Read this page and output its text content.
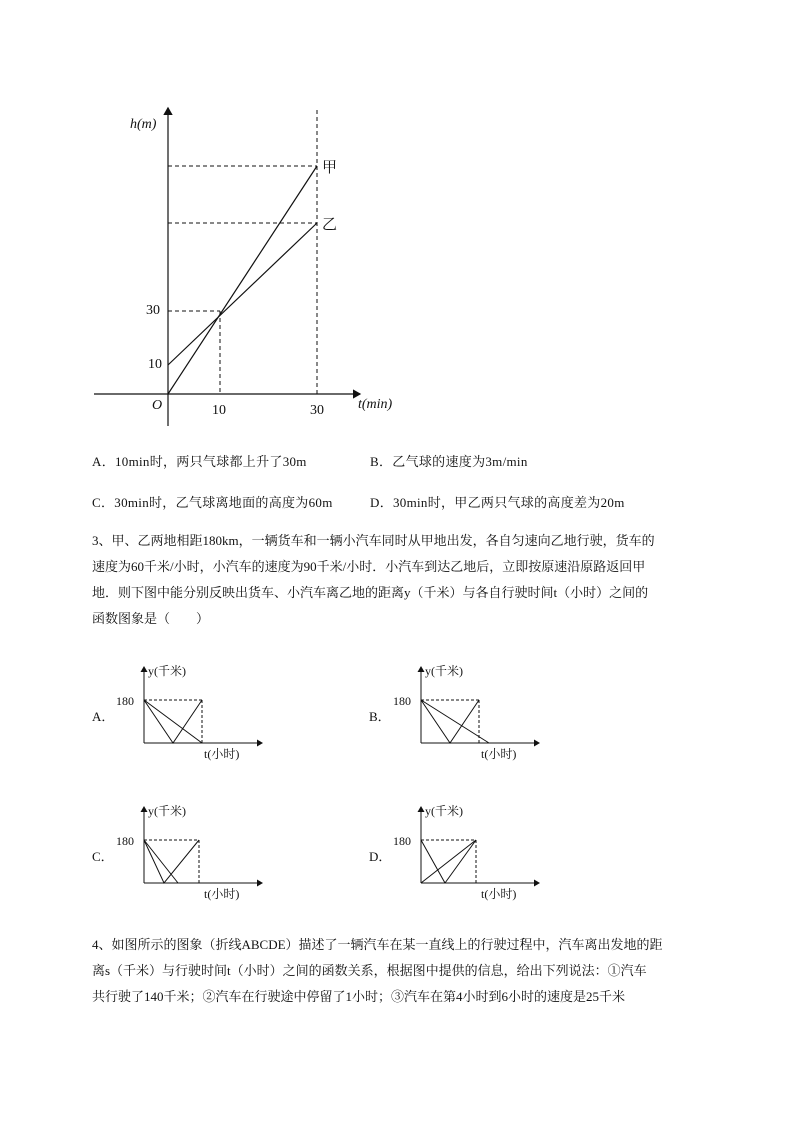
h(m)
t(min)
O
10
30
10	30
甲
乙
A．10min时，两只气球都上升了30m	B．乙气球的速度为3m/min
C．30min时，乙气球离地面的高度为60m	D．30min时，甲乙两只气球的高度差为20m

3、甲、乙两地相距180km，一辆货车和一辆小汽车同时从甲地出发，各自匀速向乙地行驶，货车的

速度为60千米/小时，小汽车的速度为90千米/小时．小汽车到达乙地后，立即按原速沿原路返回甲

地．则下图中能分别反映出货车、小汽车离乙地的距离y（千米）与各自行驶时间t（小时）之间的

函数图象是（　　）

A．
180
y(千米)
t(小时)
B．
180
y(千米)
t(小时)
C．
180
y(千米)
t(小时)
D．
180
y(千米)
t(小时)

4、如图所示的图象（折线ABCDE）描述了一辆汽车在某一直线上的行驶过程中，汽车离出发地的距

离s（千米）与行驶时间t（小时）之间的函数关系，根据图中提供的信息，给出下列说法：①汽车

共行驶了140千米；②汽车在行驶途中停留了1小时；③汽车在第4小时到6小时的速度是25千米
